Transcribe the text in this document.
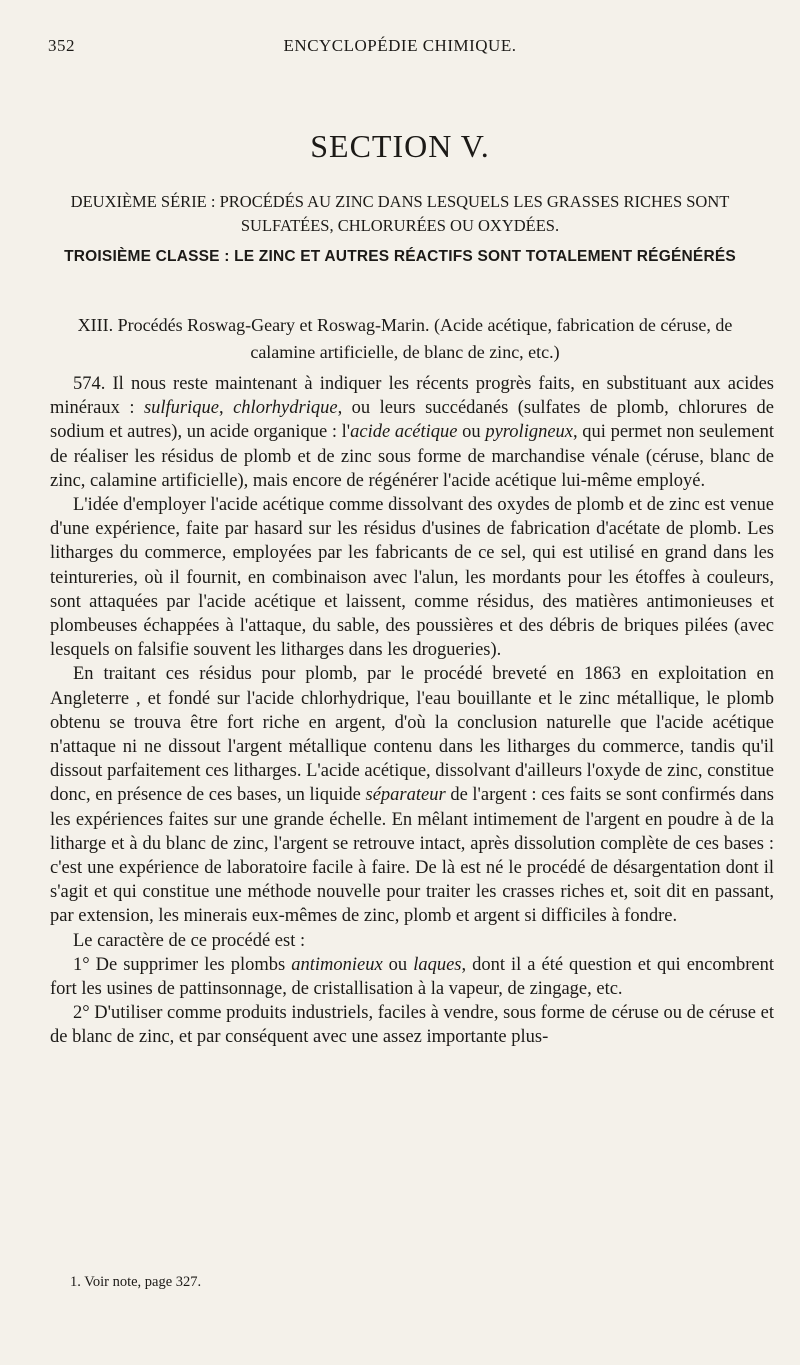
352	ENCYCLOPÉDIE CHIMIQUE.
SECTION V.
DEUXIÈME SÉRIE : PROCÉDÉS AU ZINC DANS LESQUELS LES GRASSES RICHES SONT SULFATÉES, CHLORURÉES OU OXYDÉES.
TROISIÈME CLASSE : LE ZINC ET AUTRES RÉACTIFS SONT TOTALEMENT RÉGÉNÉRÉS
XIII. Procédés Roswag-Geary et Roswag-Marin. (Acide acétique, fabrication de céruse, de calamine artificielle, de blanc de zinc, etc.)

574. Il nous reste maintenant à indiquer les récents progrès faits, en substituant aux acides minéraux : sulfurique, chlorhydrique, ou leurs succédanés (sulfates de plomb, chlorures de sodium et autres), un acide organique : l'acide acétique ou pyroligneux, qui permet non seulement de réaliser les résidus de plomb et de zinc sous forme de marchandise vénale (céruse, blanc de zinc, calamine artificielle), mais encore de régénérer l'acide acétique lui-même employé.

L'idée d'employer l'acide acétique comme dissolvant des oxydes de plomb et de zinc est venue d'une expérience, faite par hasard sur les résidus d'usines de fabrication d'acétate de plomb. Les litharges du commerce, employées par les fabricants de ce sel, qui est utilisé en grand dans les teintureries, où il fournit, en combinaison avec l'alun, les mordants pour les étoffes à couleurs, sont attaquées par l'acide acétique et laissent, comme résidus, des matières antimonieuses et plombeuses échappées à l'attaque, du sable, des poussières et des débris de briques pilées (avec lesquels on falsifie souvent les litharges dans les drogueries).

En traitant ces résidus pour plomb, par le procédé breveté en 1863 en exploitation en Angleterre , et fondé sur l'acide chlorhydrique, l'eau bouillante et le zinc métallique, le plomb obtenu se trouva être fort riche en argent, d'où la conclusion naturelle que l'acide acétique n'attaque ni ne dissout l'argent métallique contenu dans les litharges du commerce, tandis qu'il dissout parfaitement ces litharges. L'acide acétique, dissolvant d'ailleurs l'oxyde de zinc, constitue donc, en présence de ces bases, un liquide séparateur de l'argent : ces faits se sont confirmés dans les expériences faites sur une grande échelle. En mêlant intimement de l'argent en poudre à de la litharge et à du blanc de zinc, l'argent se retrouve intact, après dissolution complète de ces bases : c'est une expérience de laboratoire facile à faire. De là est né le procédé de désargentation dont il s'agit et qui constitue une méthode nouvelle pour traiter les crasses riches et, soit dit en passant, par extension, les minerais eux-mêmes de zinc, plomb et argent si difficiles à fondre.

Le caractère de ce procédé est :

1° De supprimer les plombs antimonieux ou laques, dont il a été question et qui encombrent fort les usines de pattinsonnage, de cristallisation à la vapeur, de zingage, etc.

2° D'utiliser comme produits industriels, faciles à vendre, sous forme de céruse ou de céruse et de blanc de zinc, et par conséquent avec une assez importante plus-

1. Voir note, page 327.
